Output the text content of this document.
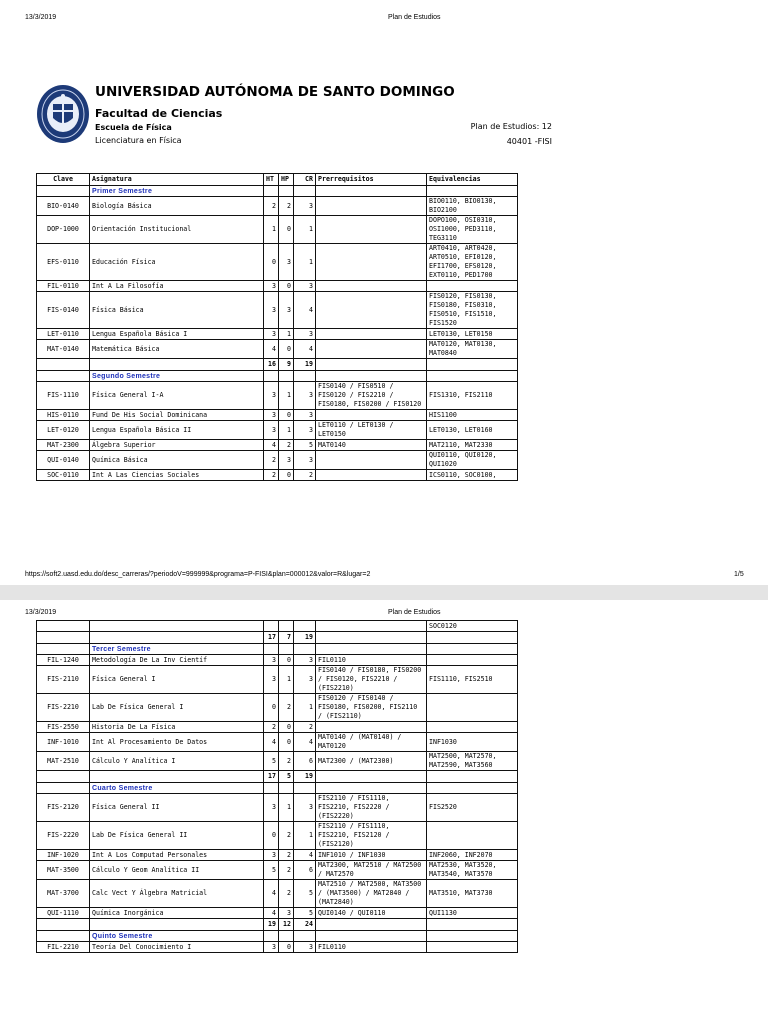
13/3/2019	Plan de Estudios
UNIVERSIDAD AUTÓNOMA DE SANTO DOMINGO
Facultad de Ciencias
Escuela de Física
Licenciatura en Física
Plan de Estudios: 12
40401 -FISI
Clave	Asignatura	HT	HP	CR	Prerrequisitos	Equivalencias
	Primer Semestre					
BIO-0140	Biología Básica	2	2	3		BIO0110, BIO0130, BIO2100
DOP-1000	Orientación Institucional	1	0	1		DOPO100, OSI0310, OSI1000, PED3110, TEG3110
EFS-0110	Educación Física	0	3	1		ART0410, ART0420, ART0510, EFI0120, EFI1700, EFS0120, EXT0110, PED1700
FIL-0110	Int A La Filosofía	3	0	3		
FIS-0140	Física Básica	3	3	4		FIS0120, FIS0130, FIS0180, FIS0310, FIS0510, FIS1510, FIS1520
LET-0110	Lengua Española Básica I	3	1	3		LET0130, LET0150
MAT-0140	Matemática Básica	4	0	4		MAT0120, MAT0130, MAT0840
		16	9	19		
	Segundo Semestre					
FIS-1110	Física General I-A	3	1	3	FIS0140 / FIS0510 / FIS0120 / FIS2210 / FIS0180, FIS0200 / FIS0120	FIS1310, FIS2110
HIS-0110	Fund De His Social Dominicana	3	0	3		HIS1100
LET-0120	Lengua Española Básica II	3	1	3	LET0110 / LET0130 / LET0150	LET0130, LET0160
MAT-2300	Álgebra Superior	4	2	5	MAT0140	MAT2110, MAT2330
QUI-0140	Química Básica	2	3	3		QUI0110, QUI0120, QUI1020
SOC-0110	Int A Las Ciencias Sociales	2	0	2		ICS0110, SOC0100,
https://soft2.uasd.edu.do/desc_carreras/?periodoV=999999&programa=P-FISI&plan=000012&valor=R&lugar=2	1/5
13/3/2019	Plan de Estudios
						SOC0120
		17	7	19		
	Tercer Semestre					
FIL-1240	Metodología De La Inv Científ	3	0	3	FIL0110	
FIS-2110	Física General I	3	1	3	FIS0140 / FIS0180, FIS0200 / FIS0120, FIS2210 / (FIS2210)	FIS1110, FIS2510
FIS-2210	Lab De Física General I	0	2	1	FIS0120 / FIS0140 / FIS0180, FIS0200, FIS2110 / (FIS2110)	
FIS-2550	Historia De La Física	2	0	2		
INF-1010	Int Al Procesamiento De Datos	4	0	4	MAT0140 / (MAT0140) / MAT0120	INF1030
MAT-2510	Cálculo Y Analítica I	5	2	6	MAT2300 / (MAT2300)	MAT2500, MAT2570, MAT2590, MAT3560
		17	5	19		
	Cuarto Semestre					
FIS-2120	Física General II	3	1	3	FIS2110 / FIS1110, FIS2210, FIS2220 / (FIS2220)	FIS2520
FIS-2220	Lab De Física General II	0	2	1	FIS2110 / FIS1110, FIS2210, FIS2120 / (FIS2120)	
INF-1020	Int A Los Computad Personales	3	2	4	INF1010 / INF1030	INF2060, INF2070
MAT-3500	Cálculo Y Geom Analítica II	5	2	6	MAT2300, MAT2510 / MAT2500 / MAT2570	MAT2530, MAT3520, MAT3540, MAT3570
MAT-3700	Calc Vect Y Álgebra Matricial	4	2	5	MAT2510 / MAT2500, MAT3500 / (MAT3500) / MAT2840 / (MAT2840)	MAT3510, MAT3730
QUI-1110	Química Inorgánica	4	3	5	QUI0140 / QUI0110	QUI1130
		19	12	24		
	Quinto Semestre					
FIL-2210	Teoría Del Conocimiento I	3	0	3	FIL0110	
